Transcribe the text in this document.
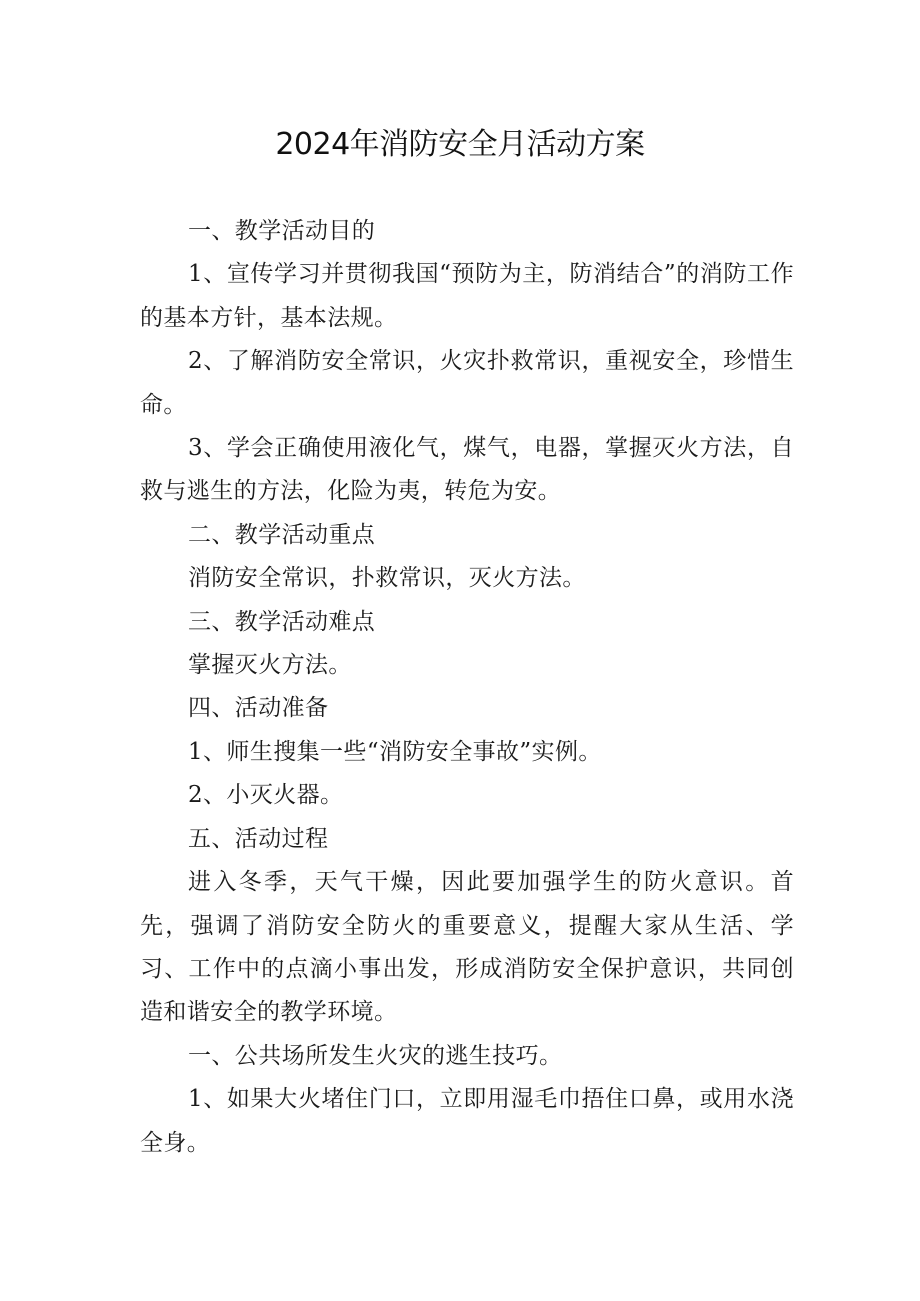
2024年消防安全月活动方案

一、教学活动目的

1、宣传学习并贯彻我国“预防为主，防消结合”的消防工作的基本方针，基本法规。

2、了解消防安全常识，火灾扑救常识，重视安全，珍惜生命。

3、学会正确使用液化气，煤气，电器，掌握灭火方法，自救与逃生的方法，化险为夷，转危为安。

二、教学活动重点

消防安全常识，扑救常识，灭火方法。

三、教学活动难点

掌握灭火方法。

四、活动准备

1、师生搜集一些“消防安全事故”实例。

2、小灭火器。

五、活动过程

进入冬季，天气干燥，因此要加强学生的防火意识。首先，强调了消防安全防火的重要意义，提醒大家从生活、学习、工作中的点滴小事出发，形成消防安全保护意识，共同创造和谐安全的教学环境。

一、公共场所发生火灾的逃生技巧。

1、如果大火堵住门口，立即用湿毛巾捂住口鼻，或用水浇全身。
